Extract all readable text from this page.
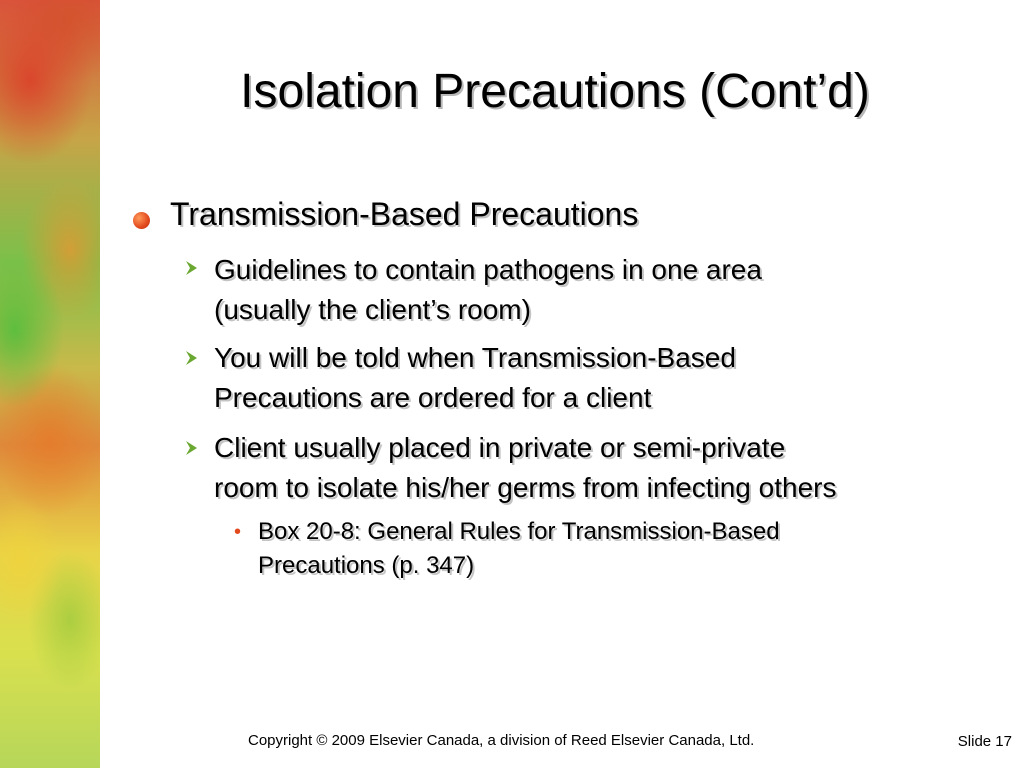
Isolation Precautions (Cont’d)
Transmission-Based Precautions
Guidelines to contain pathogens in one area
(usually the client’s room)
You will be told when Transmission-Based
Precautions are ordered for a client
Client usually placed in private or semi-private
room to isolate his/her germs from infecting others
• Box 20-8: General Rules for Transmission-Based
Precautions (p. 347)
Copyright © 2009 Elsevier Canada, a division of Reed Elsevier Canada, Ltd.	Slide 17
